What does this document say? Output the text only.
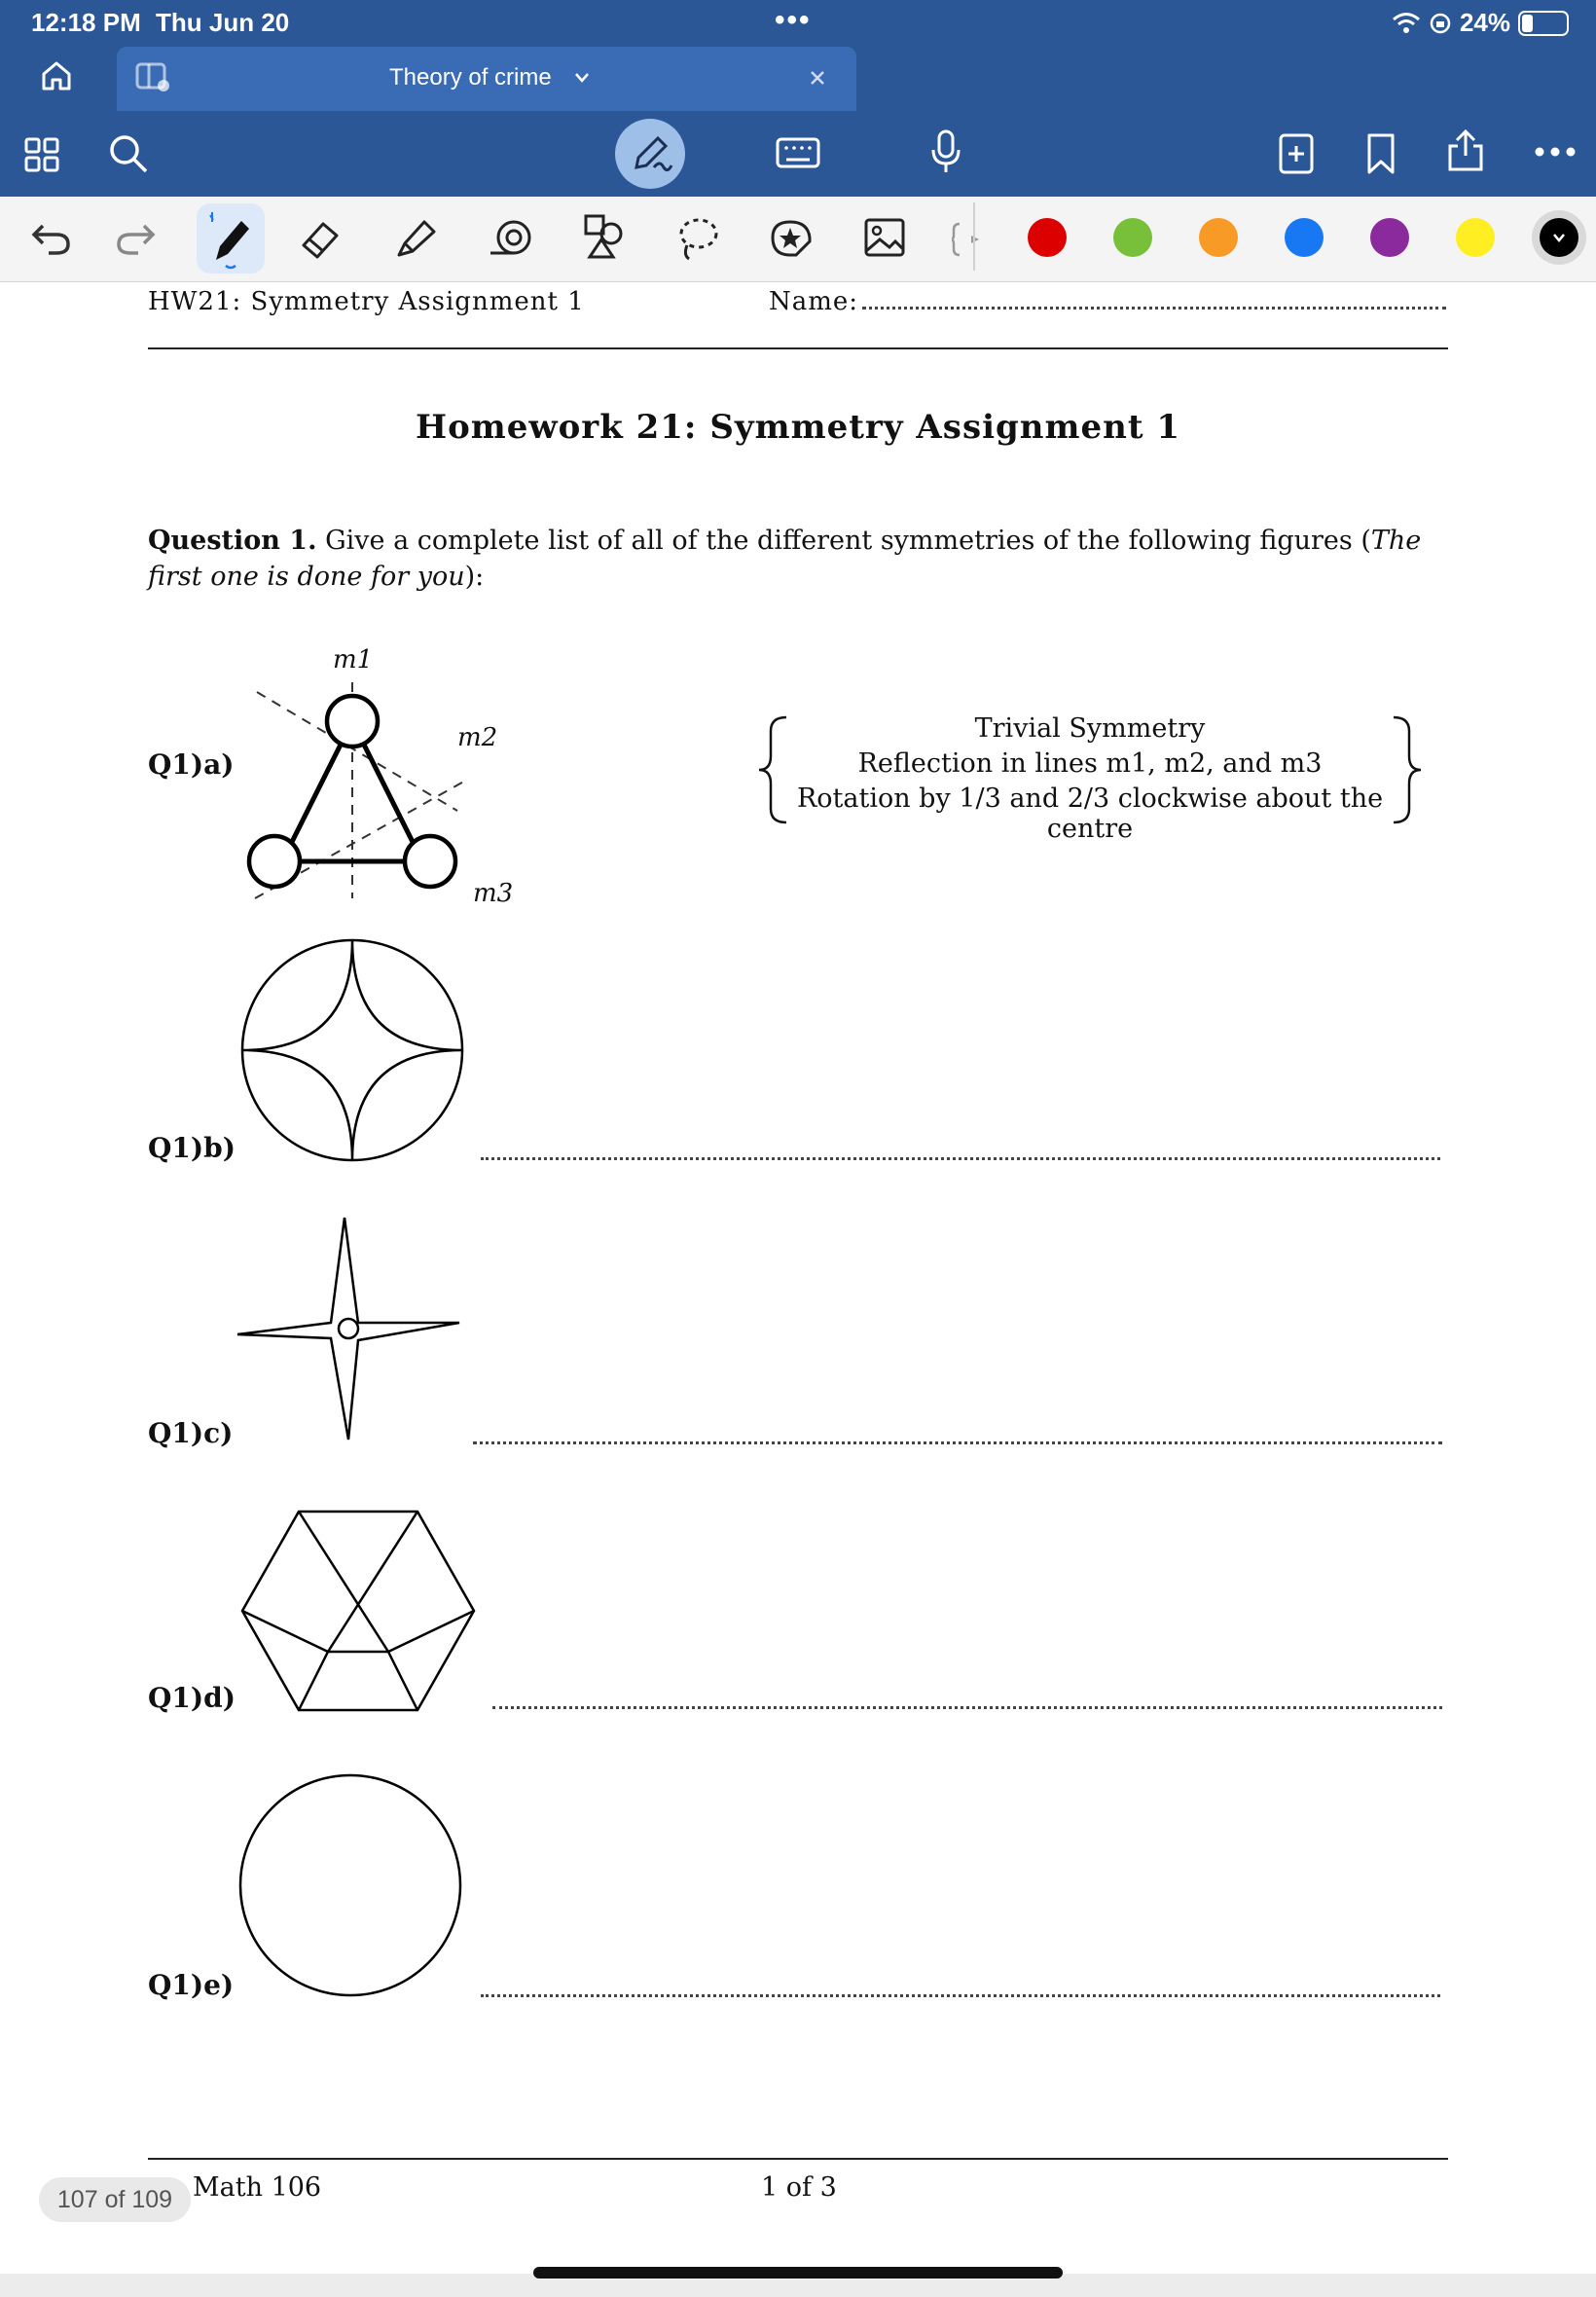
12:18 PM Thu Jun 20	•••	24%
Theory of crime
HW21: Symmetry Assignment 1	Name:
Homework 21: Symmetry Assignment 1
Question 1. Give a complete list of all of the different symmetries of the following figures (The first one is done for you):
Q1)a)
Q1)b)
Q1)c)
Q1)d)
Q1)e)
m1
m2
m3
Trivial Symmetry
Reflection in lines m1, m2, and m3
Rotation by 1/3 and 2/3 clockwise about the centre
Math 106	1 of 3
107 of 109
